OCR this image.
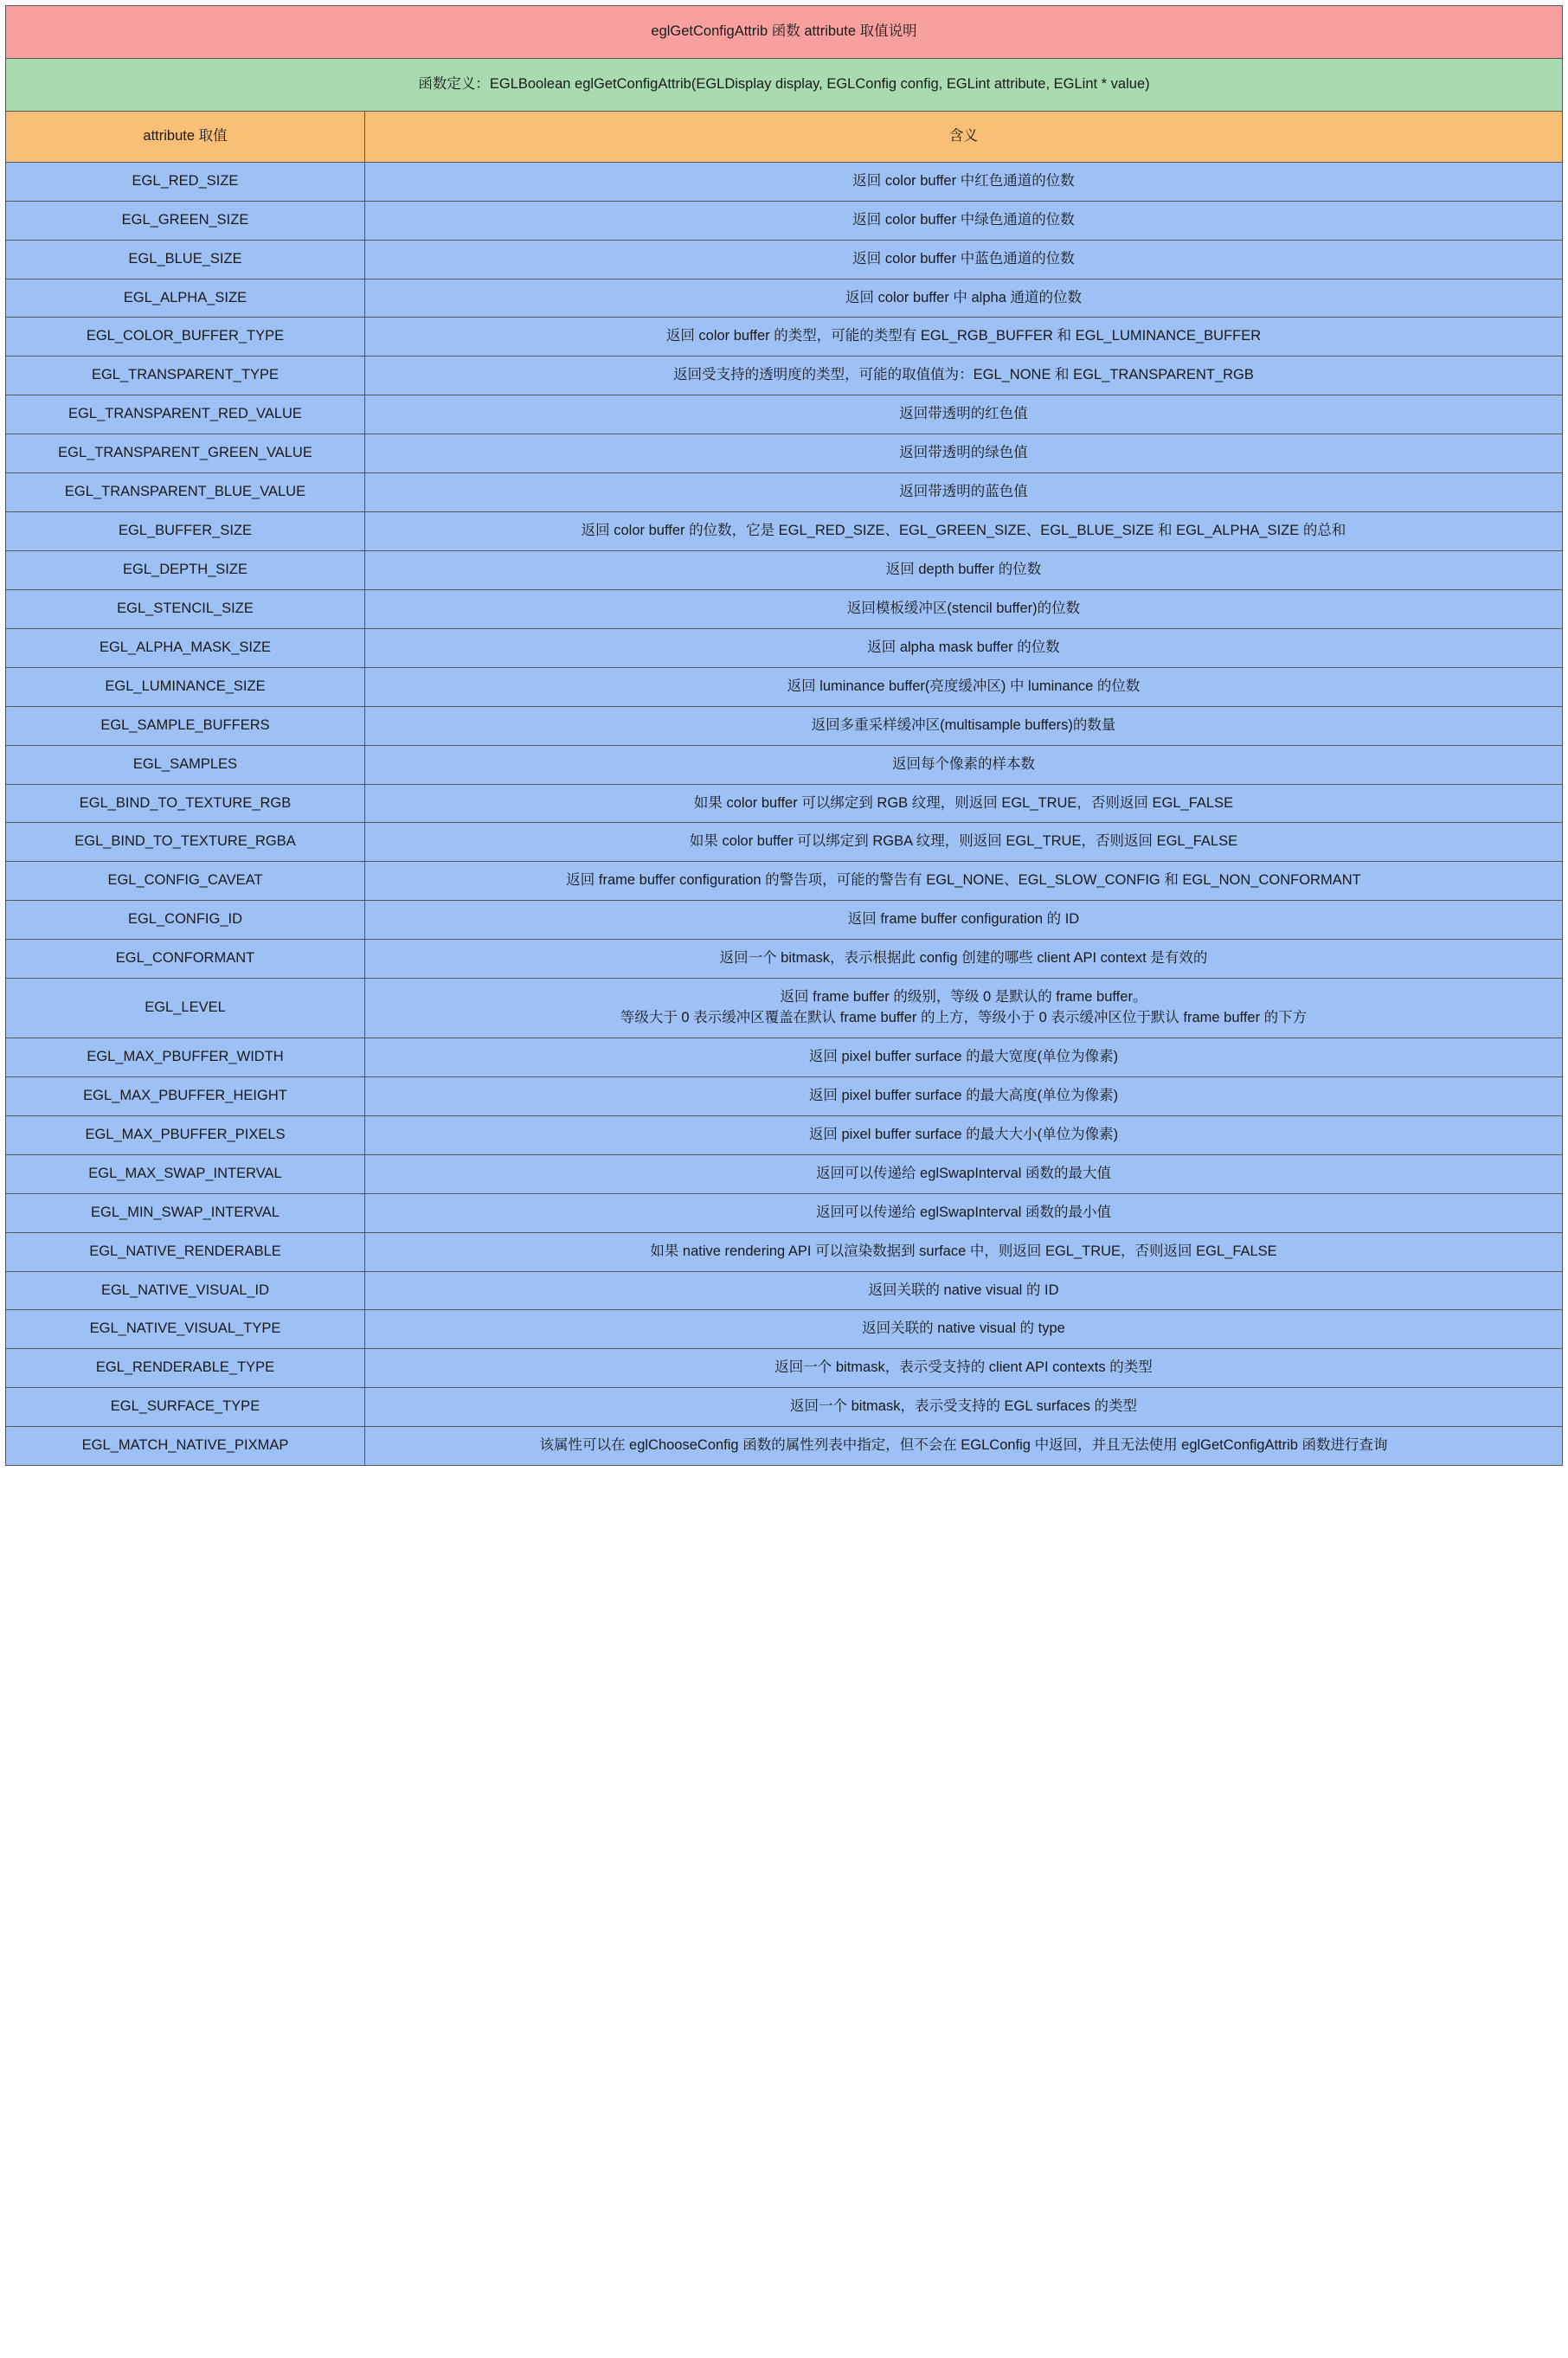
eglGetConfigAttrib 函数 attribute 取值说明	
函数定义：EGLBoolean eglGetConfigAttrib(EGLDisplay display, EGLConfig config, EGLint attribute, EGLint * value)	
attribute 取值	含义
EGL_RED_SIZE	返回 color buffer 中红色通道的位数
EGL_GREEN_SIZE	返回 color buffer 中绿色通道的位数
EGL_BLUE_SIZE	返回 color buffer 中蓝色通道的位数
EGL_ALPHA_SIZE	返回 color buffer 中 alpha 通道的位数
EGL_COLOR_BUFFER_TYPE	返回 color buffer 的类型，可能的类型有 EGL_RGB_BUFFER 和 EGL_LUMINANCE_BUFFER
EGL_TRANSPARENT_TYPE	返回受支持的透明度的类型，可能的取值值为：EGL_NONE 和 EGL_TRANSPARENT_RGB
EGL_TRANSPARENT_RED_VALUE	返回带透明的红色值
EGL_TRANSPARENT_GREEN_VALUE	返回带透明的绿色值
EGL_TRANSPARENT_BLUE_VALUE	返回带透明的蓝色值
EGL_BUFFER_SIZE	返回 color buffer 的位数，它是 EGL_RED_SIZE、EGL_GREEN_SIZE、EGL_BLUE_SIZE 和 EGL_ALPHA_SIZE 的总和
EGL_DEPTH_SIZE	返回 depth buffer 的位数
EGL_STENCIL_SIZE	返回模板缓冲区(stencil buffer)的位数
EGL_ALPHA_MASK_SIZE	返回 alpha mask buffer 的位数
EGL_LUMINANCE_SIZE	返回 luminance buffer(亮度缓冲区) 中 luminance 的位数
EGL_SAMPLE_BUFFERS	返回多重采样缓冲区(multisample buffers)的数量
EGL_SAMPLES	返回每个像素的样本数
EGL_BIND_TO_TEXTURE_RGB	如果 color buffer 可以绑定到 RGB 纹理，则返回 EGL_TRUE，否则返回 EGL_FALSE
EGL_BIND_TO_TEXTURE_RGBA	如果 color buffer 可以绑定到 RGBA 纹理，则返回 EGL_TRUE，否则返回 EGL_FALSE
EGL_CONFIG_CAVEAT	返回 frame buffer configuration 的警告项，可能的警告有 EGL_NONE、EGL_SLOW_CONFIG 和 EGL_NON_CONFORMANT
EGL_CONFIG_ID	返回 frame buffer configuration 的 ID
EGL_CONFORMANT	返回一个 bitmask，表示根据此 config 创建的哪些 client API context 是有效的
EGL_LEVEL	返回 frame buffer 的级别，等级 0 是默认的 frame buffer。
等级大于 0 表示缓冲区覆盖在默认 frame buffer 的上方，等级小于 0 表示缓冲区位于默认 frame buffer 的下方

EGL_MAX_PBUFFER_WIDTH	返回 pixel buffer surface 的最大宽度(单位为像素)
EGL_MAX_PBUFFER_HEIGHT	返回 pixel buffer surface 的最大高度(单位为像素)
EGL_MAX_PBUFFER_PIXELS	返回 pixel buffer surface 的最大大小(单位为像素)
EGL_MAX_SWAP_INTERVAL	返回可以传递给 eglSwapInterval 函数的最大值
EGL_MIN_SWAP_INTERVAL	返回可以传递给 eglSwapInterval 函数的最小值
EGL_NATIVE_RENDERABLE	如果 native rendering API 可以渲染数据到 surface 中，则返回 EGL_TRUE，否则返回 EGL_FALSE
EGL_NATIVE_VISUAL_ID	返回关联的 native visual 的 ID
EGL_NATIVE_VISUAL_TYPE	返回关联的 native visual 的 type
EGL_RENDERABLE_TYPE	返回一个 bitmask，表示受支持的 client API contexts 的类型
EGL_SURFACE_TYPE	返回一个 bitmask，表示受支持的 EGL surfaces 的类型
EGL_MATCH_NATIVE_PIXMAP	该属性可以在 eglChooseConfig 函数的属性列表中指定，但不会在 EGLConfig 中返回，并且无法使用 eglGetConfigAttrib 函数进行查询
